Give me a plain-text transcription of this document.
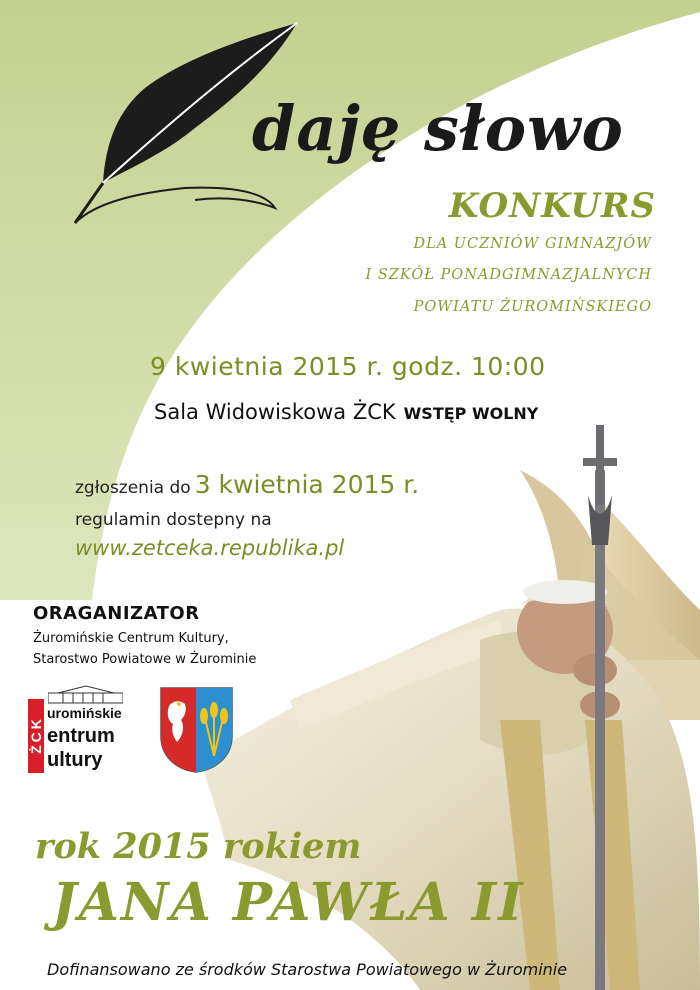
daję słowo
KONKURS
DLA UCZNIÓW GIMNAZJÓW
I SZKÓŁ PONADGIMNAZJALNYCH
POWIATU ŻUROMIŃSKIEGO
9 kwietnia 2015 r. godz. 10:00
Sala Widowiskowa ŻCK WSTĘP WOLNY
zgłoszenia do 3 kwietnia 2015 r.
regulamin dostepny na
www.zetceka.republika.pl
ORAGANIZATOR
Żuromińskie Centrum Kultury,
Starostwo Powiatowe w Żurominie
ŻCK
uromińskie
entrum
ultury
rok 2015 rokiem
JANA PAWŁA II
Dofinansowano ze środków Starostwa Powiatowego w Żurominie
